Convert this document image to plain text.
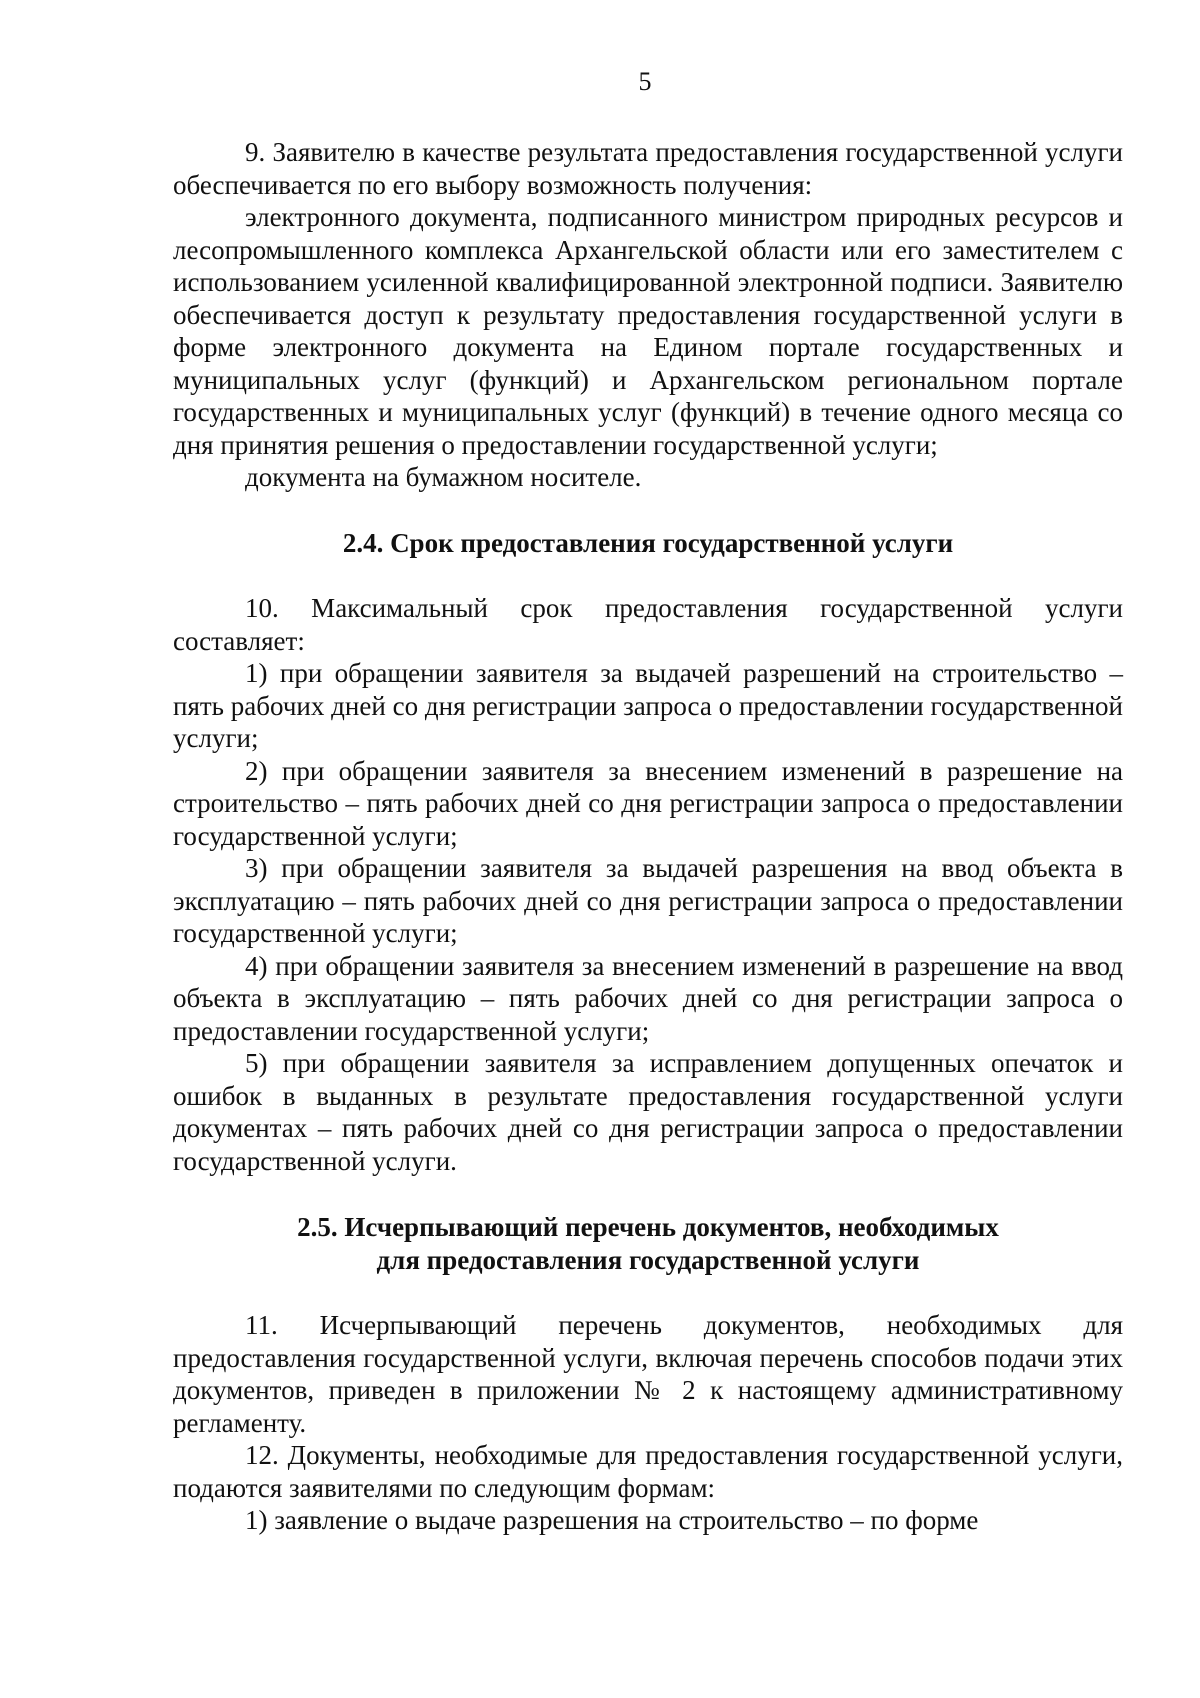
5

9. Заявителю в качестве результата предоставления государственной услуги обеспечивается по его выбору возможность получения:

электронного документа, подписанного министром природных ресурсов и лесопромышленного комплекса Архангельской области или его заместителем с использованием усиленной квалифицированной электронной подписи. Заявителю обеспечивается доступ к результату предоставления государственной услуги в форме электронного документа на Едином портале государственных и муниципальных услуг (функций) и Архангельском региональном портале государственных и муниципальных услуг (функций) в течение одного месяца со дня принятия решения о предоставлении государственной услуги;

документа на бумажном носителе.

2.4. Срок предоставления государственной услуги

10. Максимальный срок предоставления государственной услуги составляет:

1) при обращении заявителя за выдачей разрешений на строительство – пять рабочих дней со дня регистрации запроса о предоставлении государственной услуги;

2) при обращении заявителя за внесением изменений в разрешение на строительство – пять рабочих дней со дня регистрации запроса о предоставлении государственной услуги;

3) при обращении заявителя за выдачей разрешения на ввод объекта в эксплуатацию – пять рабочих дней со дня регистрации запроса о предоставлении государственной услуги;

4) при обращении заявителя за внесением изменений в разрешение на ввод объекта в эксплуатацию – пять рабочих дней со дня регистрации запроса о предоставлении государственной услуги;

5) при обращении заявителя за исправлением допущенных опечаток и ошибок в выданных в результате предоставления государственной услуги документах – пять рабочих дней со дня регистрации запроса о предоставлении государственной услуги.

2.5. Исчерпывающий перечень документов, необходимых
для предоставления государственной услуги

11. Исчерпывающий перечень документов, необходимых для предоставления государственной услуги, включая перечень способов подачи этих документов, приведен в приложении № 2 к настоящему административному регламенту.

12. Документы, необходимые для предоставления государственной услуги, подаются заявителями по следующим формам:

1) заявление о выдаче разрешения на строительство – по форме
